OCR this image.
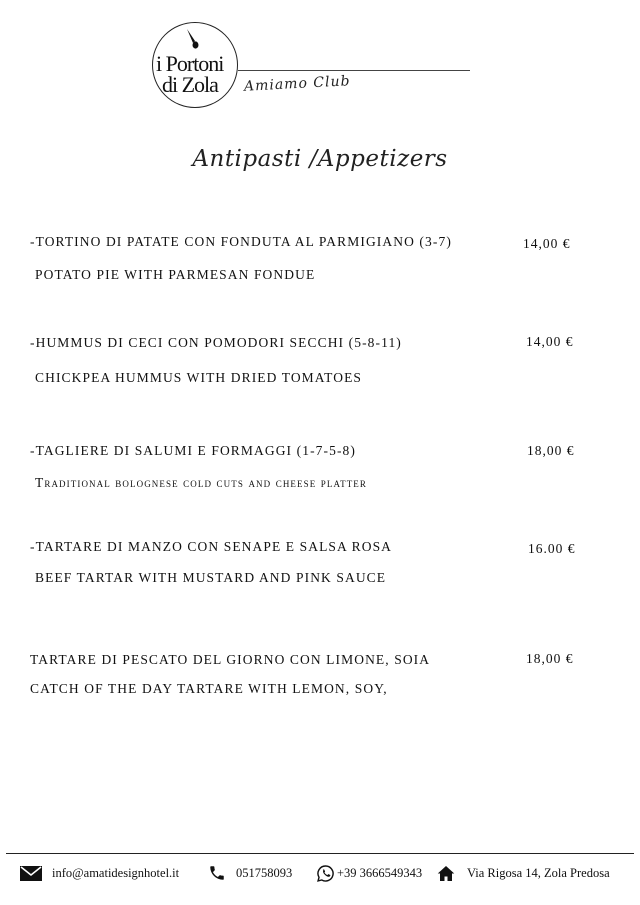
i Portoni
di Zola	Amiamo Club
Antipasti /Appetizers
-TORTINO DI PATATE CON FONDUTA AL PARMIGIANO (3-7)
POTATO PIE WITH PARMESAN FONDUE
14,00 €
-HUMMUS DI CECI CON POMODORI SECCHI (5-8-11)
CHICKPEA HUMMUS WITH DRIED TOMATOES
14,00 €
-TAGLIERE DI SALUMI E FORMAGGI (1-7-5-8)
Traditional bolognese cold cuts and cheese platter
18,00 €
-TARTARE DI MANZO CON SENAPE E SALSA ROSA
BEEF TARTAR WITH MUSTARD AND PINK SAUCE
16.00 €
TARTARE DI PESCATO DEL GIORNO CON LIMONE, SOIA
CATCH OF THE DAY TARTARE WITH LEMON, SOY,
18,00 €
info@amatidesignhotel.it	051758093	+39 3666549343	Via Rigosa 14, Zola Predosa
